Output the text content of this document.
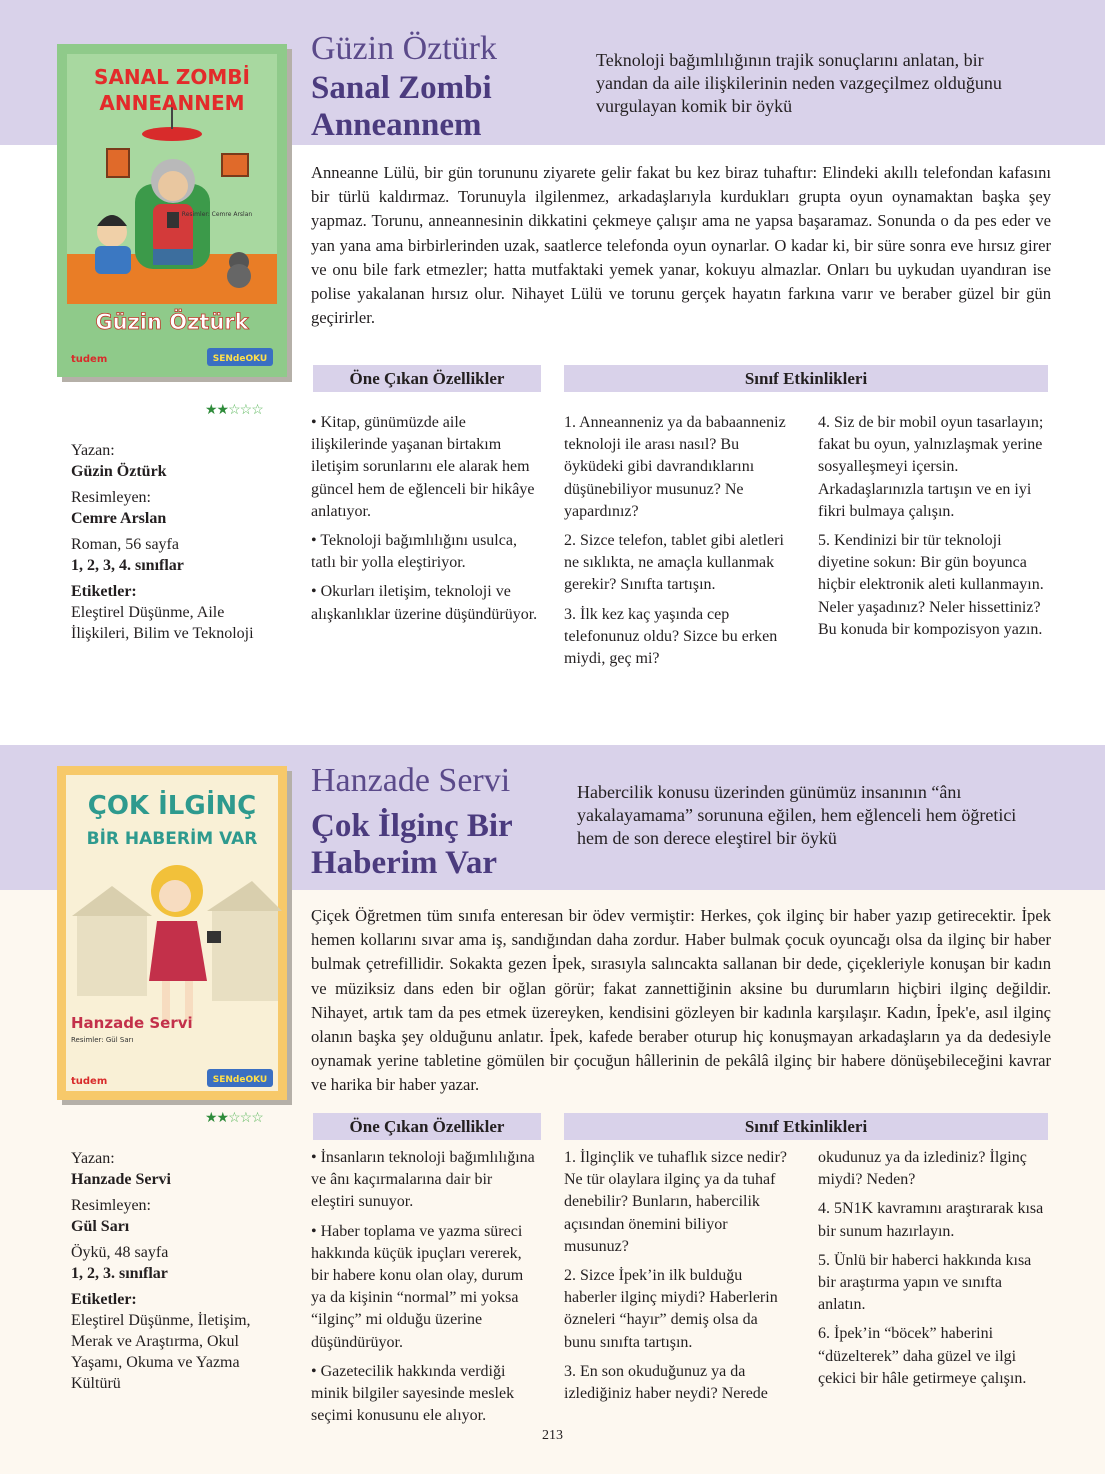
SANAL ZOMBİ
ANNEANNEM
Resimler: Cemre Arslan
Güzin Öztürk
tudem	SENdeOKU
Güzin Öztürk
Sanal Zombi Anneannem
Teknoloji bağımlılığının trajik sonuçlarını anlatan, bir yandan da aile ilişkilerinin neden vazgeçilmez olduğunu vurgulayan komik bir öykü
Anneanne Lülü, bir gün torununu ziyarete gelir fakat bu kez biraz tuhaftır: Elindeki akıllı telefondan kafasını bir türlü kaldırmaz. Torunuyla ilgilenmez, arkadaşlarıyla kurdukları grupta oyun oynamaktan başka şey yapmaz. Torunu, anneannesinin dikkatini çekmeye çalışır ama ne yapsa başaramaz. Sonunda o da pes eder ve yan yana ama birbirlerinden uzak, saatlerce telefonda oyun oynarlar. O kadar ki, bir süre sonra eve hırsız girer ve onu bile fark etmezler; hatta mutfaktaki yemek yanar, kokuyu almazlar. Onları bu uykudan uyandıran ise polise yakalanan hırsız olur. Nihayet Lülü ve torunu gerçek hayatın farkına varır ve beraber güzel bir gün geçirirler.
Öne Çıkan Özellikler	Sınıf Etkinlikleri
★★☆☆☆

• Kitap, günümüzde aile ilişkilerinde yaşanan birtakım iletişim sorunlarını ele alarak hem güncel hem de eğlenceli bir hikâye anlatıyor.

• Teknoloji bağımlılığını usulca, tatlı bir yolla eleştiriyor.

• Okurları iletişim, teknoloji ve alışkanlıklar üzerine düşündürüyor.

1. Anneanneniz ya da babaanneniz teknoloji ile arası nasıl? Bu öyküdeki gibi davrandıklarını düşünebiliyor musunuz? Ne yapardınız?

2. Sizce telefon, tablet gibi aletleri ne sıklıkta, ne amaçla kullanmak gerekir? Sınıfta tartışın.

3. İlk kez kaç yaşında cep telefonunuz oldu? Sizce bu erken miydi, geç mi?

4. Siz de bir mobil oyun tasarlayın; fakat bu oyun, yalnızlaşmak yerine sosyalleşmeyi içersin. Arkadaşlarınızla tartışın ve en iyi fikri bulmaya çalışın.

5. Kendinizi bir tür teknoloji diyetine sokun: Bir gün boyunca hiçbir elektronik aleti kullanmayın. Neler yaşadınız? Neler hissettiniz? Bu konuda bir kompozisyon yazın.

Yazan:
Güzin Öztürk
Resimleyen:
Cemre Arslan
Roman, 56 sayfa
1, 2, 3, 4. sınıflar
Etiketler:
Eleştirel Düşünme, Aile İlişkileri, Bilim ve Teknoloji
ÇOK İLGİNÇ
BİR HABERİM VAR
Hanzade Servi
Resimler: Gül Sarı
tudem	SENdeOKU
Hanzade Servi
Çok İlginç Bir Haberim Var
Habercilik konusu üzerinden günümüz insanının “ânı yakalayamama” sorununa eğilen, hem eğlenceli hem öğretici hem de son derece eleştirel bir öykü
Çiçek Öğretmen tüm sınıfa enteresan bir ödev vermiştir: Herkes, çok ilginç bir haber yazıp getirecektir. İpek hemen kollarını sıvar ama iş, sandığından daha zordur. Haber bulmak çocuk oyuncağı olsa da ilginç bir haber bulmak çetrefillidir. Sokakta gezen İpek, sırasıyla salıncakta sallanan bir dede, çiçekleriyle konuşan bir kadın ve müziksiz dans eden bir oğlan görür; fakat zannettiğinin aksine bu durumların hiçbiri ilginç değildir. Nihayet, artık tam da pes etmek üzereyken, kendisini gözleyen bir kadınla karşılaşır. Kadın, İpek'e, asıl ilginç olanın başka şey olduğunu anlatır. İpek, kafede beraber oturup hiç konuşmayan arkadaşların ya da dedesiyle oynamak yerine tabletine gömülen bir çocuğun hâllerinin de pekâlâ ilginç bir habere dönüşebileceğini kavrar ve harika bir haber yazar.
Öne Çıkan Özellikler	Sınıf Etkinlikleri
★★☆☆☆

• İnsanların teknoloji bağımlılığına ve ânı kaçırmalarına dair bir eleştiri sunuyor.

• Haber toplama ve yazma süreci hakkında küçük ipuçları vererek, bir habere konu olan olay, durum ya da kişinin “normal” mi yoksa “ilginç” mi olduğu üzerine düşündürüyor.

• Gazetecilik hakkında verdiği minik bilgiler sayesinde meslek seçimi konusunu ele alıyor.

1. İlginçlik ve tuhaflık sizce nedir? Ne tür olaylara ilginç ya da tuhaf denebilir? Bunların, habercilik açısından önemini biliyor musunuz?

2. Sizce İpek’in ilk bulduğu haberler ilginç miydi? Haberlerin özneleri “hayır” demiş olsa da bunu sınıfta tartışın.

3. En son okuduğunuz ya da izlediğiniz haber neydi? Nerede

okudunuz ya da izlediniz? İlginç miydi? Neden?

4. 5N1K kavramını araştırarak kısa bir sunum hazırlayın.

5. Ünlü bir haberci hakkında kısa bir araştırma yapın ve sınıfta anlatın.

6. İpek’in “böcek” haberini “düzelterek” daha güzel ve ilgi çekici bir hâle getirmeye çalışın.

Yazan:
Hanzade Servi
Resimleyen:
Gül Sarı
Öykü, 48 sayfa
1, 2, 3. sınıflar
Etiketler:
Eleştirel Düşünme, İletişim, Merak ve Araştırma, Okul Yaşamı, Okuma ve Yazma Kültürü
213
